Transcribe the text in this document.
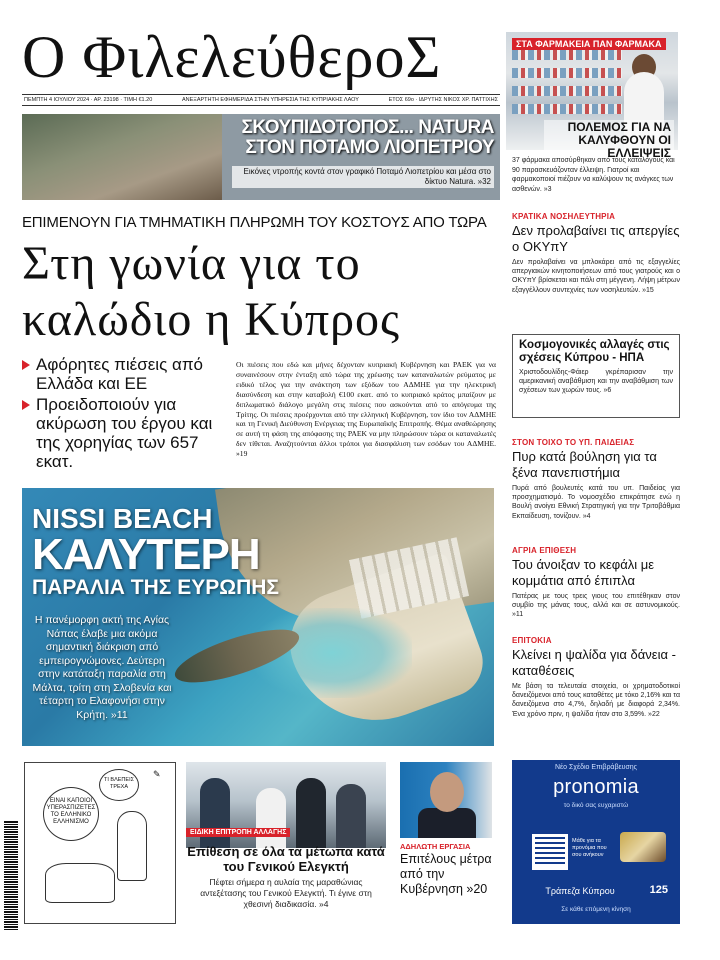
Ο ΦιλελεύθεροΣ
ΠΕΜΠΤΗ 4 ΙΟΥΛΙΟΥ 2024 · ΑΡ. 23198 · ΤΙΜΗ €1.20	ΑΝΕΞΑΡΤΗΤΗ ΕΦΗΜΕΡΙΔΑ ΣΤΗΝ ΥΠΗΡΕΣΙΑ ΤΗΣ ΚΥΠΡΙΑΚΗΣ ΛΑΟΥ	ΕΤΟΣ 69ο · ΙΔΡΥΤΗΣ ΝΙΚΟΣ ΧΡ. ΠΑΤΤΙΧΗΣ
ΣΤΑ ΦΑΡΜΑΚΕΙΑ ΠΑΝ ΦΑΡΜΑΚΑ
ΠΟΛΕΜΟΣ ΓΙΑ ΝΑ ΚΑΛΥΦΘΟΥΝ ΟΙ ΕΛΛΕΙΨΕΙΣ
37 φάρμακα αποσύρθηκαν από τους καταλόγους και 90 παρασκευάζονταν έλλειψη. Γιατροί και φαρμακοποιοί πιέζουν να καλύψουν τις ανάγκες των ασθενών. »3
ΣΚΟΥΠΙΔΟΤΟΠΟΣ... NATURA
ΣΤΟΝ ΠΟΤΑΜΟ ΛΙΟΠΕΤΡΙΟΥ
Εικόνες ντροπής κοντά στον γραφικό Ποταμό Λιοπετρίου και μέσα στο δίκτυο Natura. »32
ΕΠΙΜΕΝΟΥΝ ΓΙΑ ΤΜΗΜΑΤΙΚΗ ΠΛΗΡΩΜΗ ΤΟΥ ΚΟΣΤΟΥΣ ΑΠΟ ΤΩΡΑ
Στη γωνία για το
καλώδιο η Κύπρος
Αφόρητες πιέσεις από Ελλάδα και ΕΕ
Προειδοποιούν για ακύρωση του έργου και της χορηγίας των 657 εκατ.
Οι πιέσεις που εδώ και μήνες δέχονταν κυπριακή Κυβέρνηση και ΡΑΕΚ για να συναινέσουν στην ένταξη από τώρα της χρέωσης των καταναλωτών ρεύματος με ειδικό τέλος για την ανάκτηση των εξόδων του ΑΔΜΗΕ για την ηλεκτρική διασύνδεση και στην καταβολή €100 εκατ. από το κυπριακό κράτος μπαίζουν με διπλωματικό διάλογο μεγάλη στις πιέσεις που ασκούνται από το απόγευμα της Τρίτης. Οι πιέσεις προέρχονται από την ελληνική Κυβέρνηση, τον ίδιο τον ΑΔΜΗΕ και τη Γενική Διεύθυνση Ενέργειας της Ευρωπαϊκής Επιτροπής. Θέμα αναθεώρησης σε αυτή τη φάση της απόφασης της ΡΑΕΚ να μην πληρώσουν τώρα οι καταναλωτές δεν τίθεται. Αναζητούνται άλλοι τρόποι για διασφάλιση των εσόδων του ΑΔΜΗΕ. »19
NISSI BEACH
ΚΑΛΥΤΕΡΗ
ΠΑΡΑΛΙΑ ΤΗΣ ΕΥΡΩΠΗΣ
Η πανέμορφη ακτή της Αγίας Νάπας έλαβε μια ακόμα σημαντική διάκριση από εμπειρογνώμονες. Δεύτερη στην κατάταξη παραλία στη Μάλτα, τρίτη στη Σλοβενία και τέταρτη το Ελαφονήσι στην Κρήτη. »11
ΚΡΑΤΙΚΑ ΝΟΣΗΛΕΥΤΗΡΙΑ
Δεν προλαβαίνει τις απεργίες ο ΟΚΥπΥ
Δεν προλαβαίνει να μπλοκάρει από τις εξαγγελίες απεργιακών κινητοποιήσεων από τους γιατρούς και ο ΟΚΥπΥ βρίσκεται και πάλι στη μέγγενη. Λήψη μέτρων εξαγγέλλουν συντεχνίες των νοσηλευτών. »15
Κοσμογονικές αλλαγές στις σχέσεις Κύπρου - ΗΠΑ
Χριστοδουλίδης-Φάιερ γκρέπαρισαν την αμερικανική αναβάθμιση και την αναβάθμιση των σχέσεων των χωρών τους. »6
ΣΤΟΝ ΤΟΙΧΟ ΤΟ ΥΠ. ΠΑΙΔΕΙΑΣ
Πυρ κατά βούληση για τα ξένα πανεπιστήμια
Πυρά από βουλευτές κατά του υπ. Παιδείας για προσχηματισμό. Το νομοσχέδιο επικράτησε ενώ η Βουλή ανοίγει Εθνική Στρατηγική για την Τριτοβάθμια Εκπαίδευση, τονίζουν. »4
ΑΓΡΙΑ ΕΠΙΘΕΣΗ
Του άνοιξαν το κεφάλι με κομμάτια από έπιπλα
Πατέρας με τους τρεις γιους του επιτέθηκαν στον συμβίο της μάνας τους, αλλά και σε αστυνομικούς. »11
ΕΠΙΤΟΚΙΑ
Κλείνει η ψαλίδα για δάνεια - καταθέσεις
Με βάση τα τελευταία στοιχεία, οι χρηματοδοτικοί δανειζόμενοι από τους καταθέτες με τόκο 2,16% και τα δανειζόμενα στο 4,7%, δηλαδή με διαφορά 2,34%. Ένα χρόνο πριν, η ψαλίδα ήταν στο 3,59%. »22
✎
ΤΙ ΒΛΕΠΕΙΣ ΤΡΕΧΑ
ΕΙΝΑΙ ΚΑΠΟΙΟΙ ΥΠΕΡΑΣΠΙΖΕΤΕΣ ΤΟ ΕΛΛΗΝΙΚΟ ΕΛΛΗΝΙΣΜΟ
ΕΙΔΙΚΗ ΕΠΙΤΡΟΠΗ ΑΛΛΑΓΗΣ
Επίθεση σε όλα τα μέτωπα κατά του Γενικού Ελεγκτή
Πέφτει σήμερα η αυλαία της μαραθώνιας αντεξέτασης του Γενικού Ελεγκτή. Τι έγινε στη χθεσινή διαδικασία. »4
ΑΔΗΛΩΤΗ ΕΡΓΑΣΙΑ
Επιτέλους μέτρα από την Κυβέρνηση »20
Νέο Σχέδιο Επιβράβευσης
pronomia
το δικό σας ευχαριστώ
Μάθε για τα προνόμια που σου ανήκουν
Τράπεζα Κύπρου	125
Σε κάθε επόμενη κίνηση
